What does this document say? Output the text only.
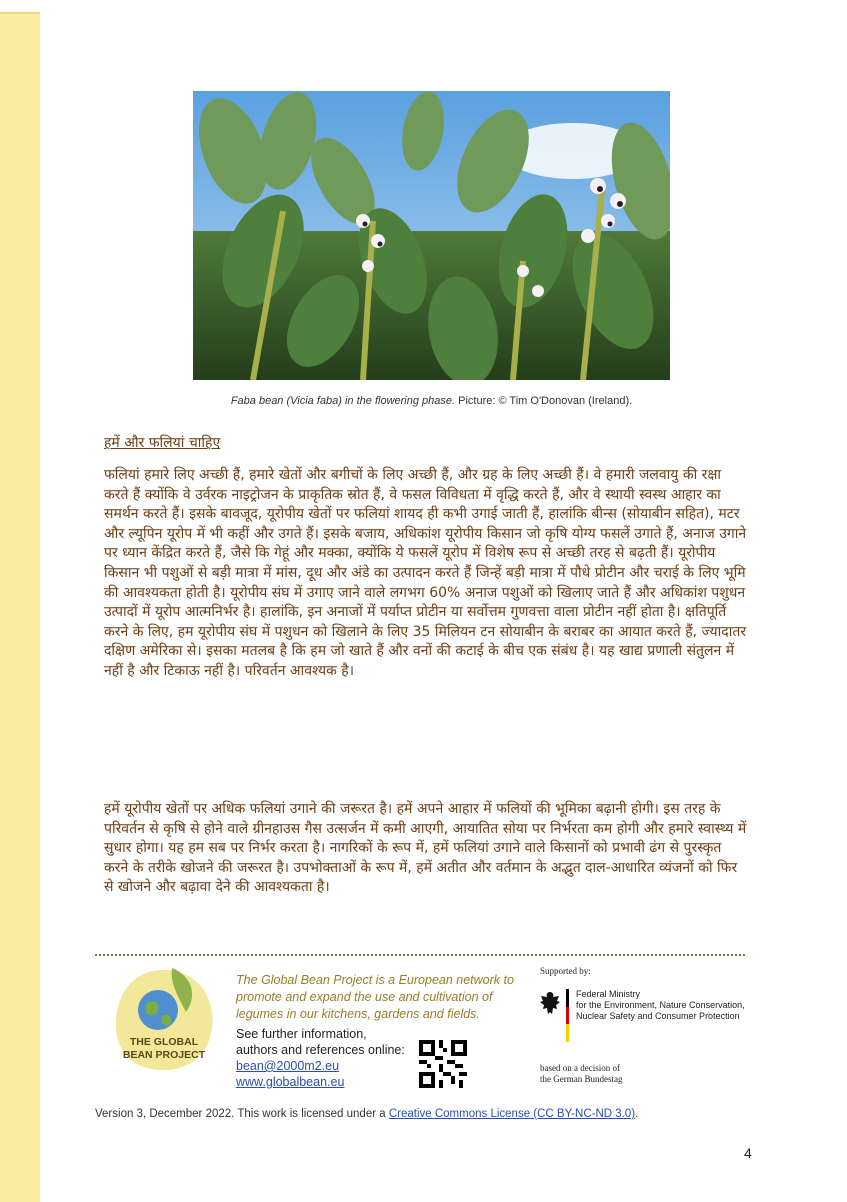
Faba bean (Vicia faba) in the flowering phase. Picture: © Tim O'Donovan (Ireland).
हमें और फलियां चाहिए

फलियां हमारे लिए अच्छी हैं, हमारे खेतों और बगीचों के लिए अच्छी हैं, और ग्रह के लिए अच्छी हैं। वे हमारी जलवायु की रक्षा करते हैं क्योंकि वे उर्वरक नाइट्रोजन के प्राकृतिक स्रोत हैं, वे फसल विविधता में वृद्धि करते हैं, और वे स्थायी स्वस्थ आहार का समर्थन करते हैं। इसके बावजूद, यूरोपीय खेतों पर फलियां शायद ही कभी उगाई जाती हैं, हालांकि बीन्स (सोयाबीन सहित), मटर और ल्यूपिन यूरोप में भी कहीं और उगते हैं। इसके बजाय, अधिकांश यूरोपीय किसान जो कृषि योग्य फसलें उगाते हैं, अनाज उगाने पर ध्यान केंद्रित करते हैं, जैसे कि गेहूं और मक्का, क्योंकि ये फसलें यूरोप में विशेष रूप से अच्छी तरह से बढ़ती हैं। यूरोपीय किसान भी पशुओं से बड़ी मात्रा में मांस, दूध और अंडे का उत्पादन करते हैं जिन्हें बड़ी मात्रा में पौधे प्रोटीन और चराई के लिए भूमि की आवश्यकता होती है। यूरोपीय संघ में उगाए जाने वाले लगभग 60% अनाज पशुओं को खिलाए जाते हैं और अधिकांश पशुधन उत्पादों में यूरोप आत्मनिर्भर है। हालांकि, इन अनाजों में पर्याप्त प्रोटीन या सर्वोत्तम गुणवत्ता वाला प्रोटीन नहीं होता है। क्षतिपूर्ति करने के लिए, हम यूरोपीय संघ में पशुधन को खिलाने के लिए 35 मिलियन टन सोयाबीन के बराबर का आयात करते हैं, ज्यादातर दक्षिण अमेरिका से। इसका मतलब है कि हम जो खाते हैं और वनों की कटाई के बीच एक संबंध है। यह खाद्य प्रणाली संतुलन में नहीं है और टिकाऊ नहीं है। परिवर्तन आवश्यक है।

हमें यूरोपीय खेतों पर अधिक फलियां उगाने की जरूरत है। हमें अपने आहार में फलियों की भूमिका बढ़ानी होगी। इस तरह के परिवर्तन से कृषि से होने वाले ग्रीनहाउस गैस उत्सर्जन में कमी आएगी, आयातित सोया पर निर्भरता कम होगी और हमारे स्वास्थ्य में सुधार होगा। यह हम सब पर निर्भर करता है। नागरिकों के रूप में, हमें फलियां उगाने वाले किसानों को प्रभावी ढंग से पुरस्कृत करने के तरीके खोजने की जरूरत है। उपभोक्ताओं के रूप में, हमें अतीत और वर्तमान के अद्भुत दाल-आधारित व्यंजनों को फिर से खोजने और बढ़ावा देने की आवश्यकता है।

THE GLOBAL
BEAN PROJECT
The Global Bean Project is a European network to promote and expand the use and cultivation of legumes in our kitchens, gardens and fields.
See further information, authors and references online:
bean@2000m2.eu
www.globalbean.eu
Supported by:
Federal Ministry
for the Environment, Nature Conservation,
Nuclear Safety and Consumer Protection
based on a decision of
the German Bundestag
Version 3, December 2022. This work is licensed under a Creative Commons License (CC BY-NC-ND 3.0).
4
